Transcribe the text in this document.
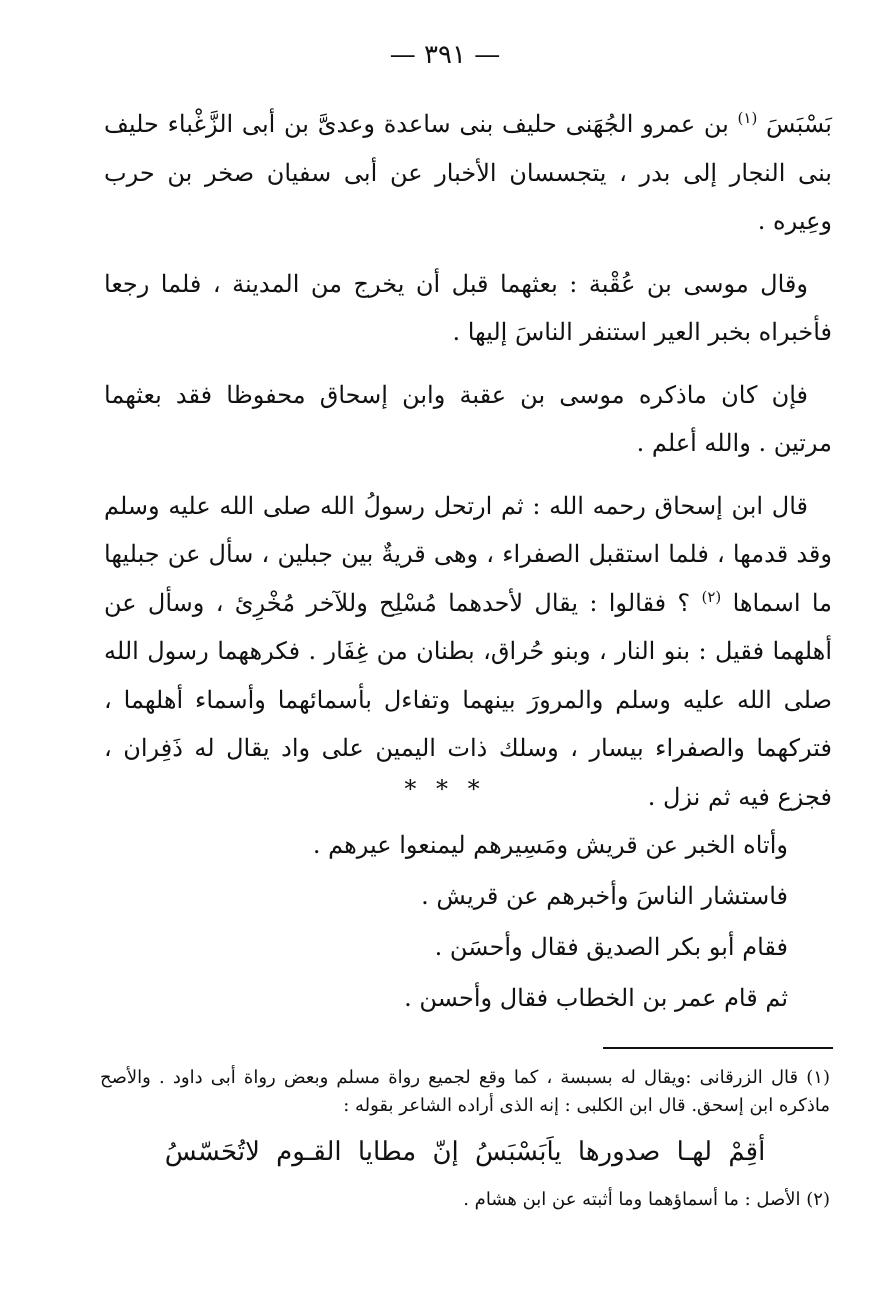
— ٣٩١ —

بَسْبَسَ $^{(١)}$ بن عمرو الجُهَنى حليف بنى ساعدة وعدىَّ بن أبى الزَّغْباء حليف بنى النجار إلى بدر ، يتجسسان الأخبار عن أبى سفيان صخر بن حرب وعِيره .

وقال موسى بن عُقْبة : بعثهما قبل أن يخرج من المدينة ، فلما رجعا فأخبراه بخبر العير استنفر الناسَ إليها .

فإن كان ماذكره موسى بن عقبة وابن إسحاق محفوظا فقد بعثهما مرتين . والله أعلم .

قال ابن إسحاق رحمه الله : ثم ارتحل رسولُ الله صلى الله عليه وسلم وقد قدمها ، فلما استقبل الصفراء ، وهى قريةٌ بين جبلين ، سأل عن جبليها ما اسماها $^{(٢)}$ ؟ فقالوا : يقال لأحدهما مُسْلِح وللآخر مُخْرِئ ، وسأل عن أهلهما فقيل : بنو النار ، وبنو حُراق، بطنان من غِفَار . فكرههما رسول الله صلى الله عليه وسلم والمرورَ بينهما وتفاءل بأسمائهما وأسماء أهلهما ، فتركهما والصفراء بيسار ، وسلك ذات اليمين على واد يقال له ذَفِران ، فجزع فيه ثم نزل .

* * *
وأتاه الخبر عن قريش ومَسِيرهم ليمنعوا عيرهم .
فاستشار الناسَ وأخبرهم عن قريش .
فقام أبو بكر الصديق فقال وأحسَن .
ثم قام عمر بن الخطاب فقال وأحسن .

(١) قال الزرقانى :ويقال له بسبسة ، كما وقع لجميع رواة مسلم وبعض رواة أبى داود . والأصح ماذكره ابن إسحق. قال ابن الكلبى : إنه الذى أراده الشاعر بقوله :

أقِمْ لهـا صدورها ياَبَسْبَسُ إنّ مطايا القـوم لاتُحَسّسُ

(٢) الأصل : ما أسماؤهما وما أثبته عن ابن هشام .
